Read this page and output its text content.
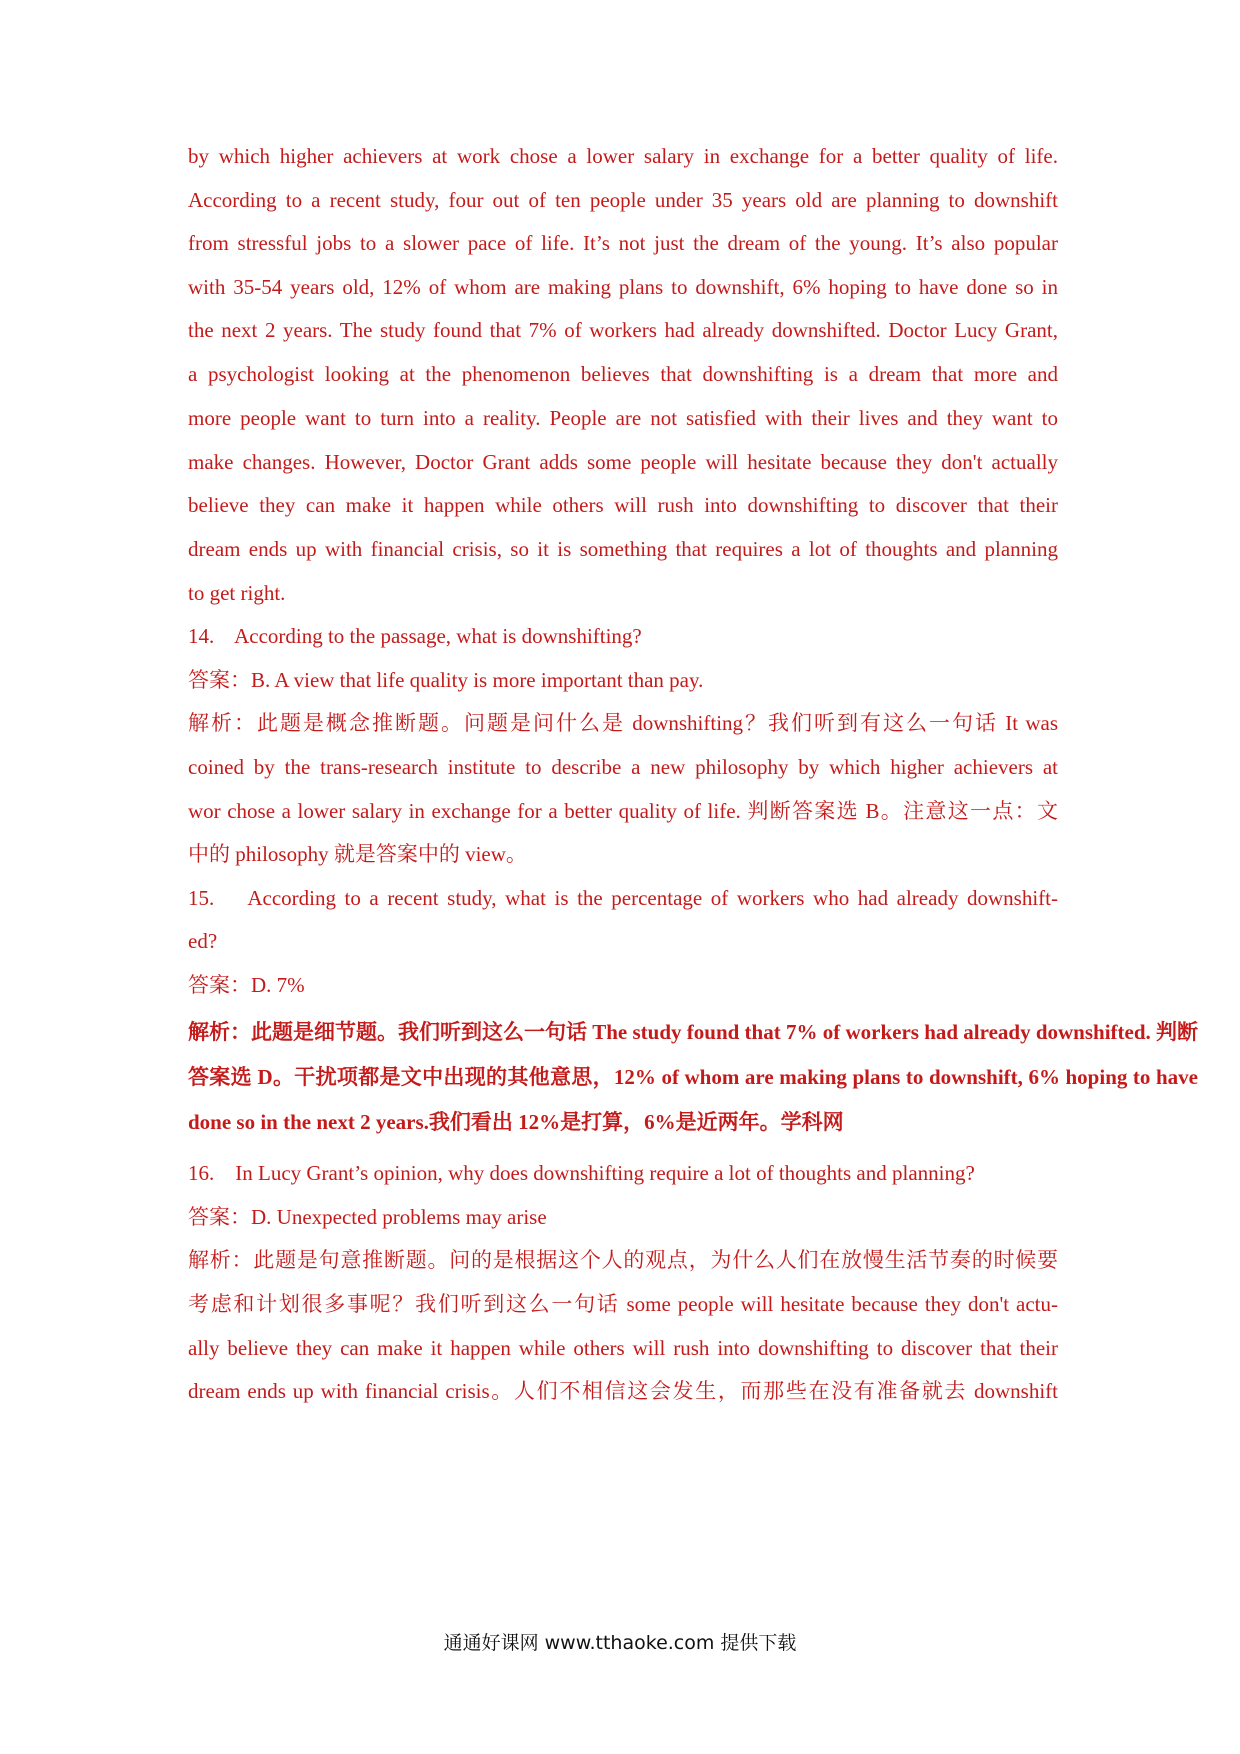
by which higher achievers at work chose a lower salary in exchange for a better quality of life.
According to a recent study, four out of ten people under 35 years old are planning to downshift
from stressful jobs to a slower pace of life. It’s not just the dream of the young. It’s also popular
with 35-54 years old, 12% of whom are making plans to downshift, 6% hoping to have done so in
the next 2 years. The study found that 7% of workers had already downshifted. Doctor Lucy Grant,
a psychologist looking at the phenomenon believes that downshifting is a dream that more and
more people want to turn into a reality. People are not satisfied with their lives and they want to
make changes. However, Doctor Grant adds some people will hesitate because they don't actually
believe they can make it happen while others will rush into downshifting to discover that their
dream ends up with financial crisis, so it is something that requires a lot of thoughts and planning
to get right.
14.    According to the passage, what is downshifting?
答案：B. A view that life quality is more important than pay.
解析：此题是概念推断题。问题是问什么是 downshifting？我们听到有这么一句话 It was
coined by the trans-research institute to describe a new philosophy by which higher achievers at
wor chose a lower salary in exchange for a better quality of life. 判断答案选 B。注意这一点：文
中的 philosophy 就是答案中的 view。
15.    According to a recent study, what is the percentage of workers who had already downshift-
ed?
答案：D. 7%
解析：此题是细节题。我们听到这么一句话 The study found that 7% of workers had already downshifted. 判断
答案选 D。干扰项都是文中出现的其他意思，12% of whom are making plans to downshift, 6% hoping to have
done so in the next 2 years.我们看出 12%是打算，6%是近两年。学科网
16.    In Lucy Grant’s opinion, why does downshifting require a lot of thoughts and planning?
答案：D. Unexpected problems may arise
解析：此题是句意推断题。问的是根据这个人的观点，为什么人们在放慢生活节奏的时候要
考虑和计划很多事呢？我们听到这么一句话 some people will hesitate because they don't actu-
ally believe they can make it happen while others will rush into downshifting to discover that their
dream ends up with financial crisis。人们不相信这会发生，而那些在没有准备就去 downshift
通通好课网 www.tthaoke.com 提供下载
